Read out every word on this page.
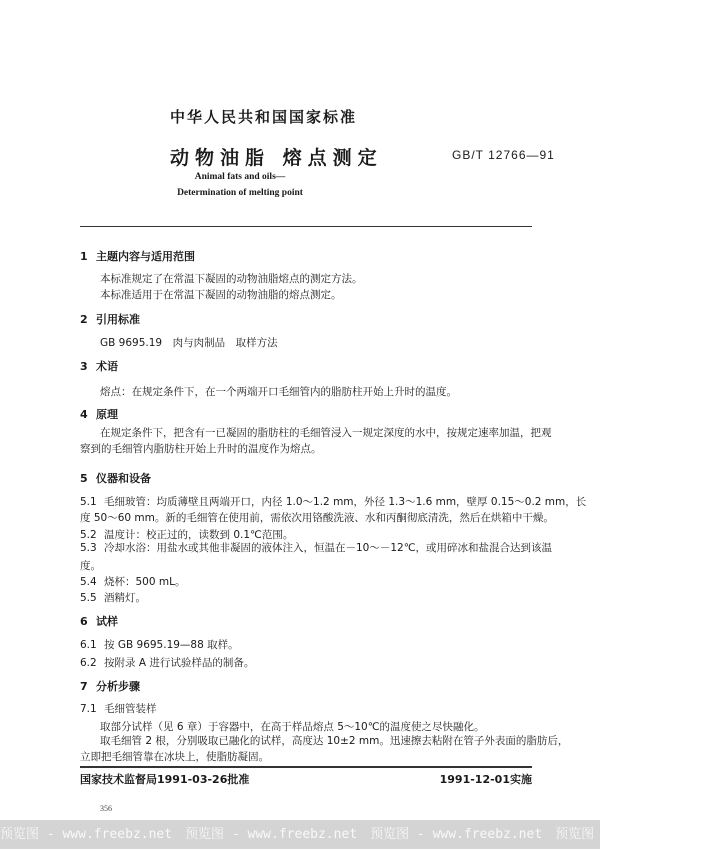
中华人民共和国国家标准
动物油脂 熔点测定	GB/T 12766—91
Animal fats and oils—
Determination of melting point
1 主题内容与适用范围
本标准规定了在常温下凝固的动物油脂熔点的测定方法。
本标准适用于在常温下凝固的动物油脂的熔点测定。
2 引用标准
GB 9695.19　肉与肉制品　取样方法
3 术语
熔点：在规定条件下，在一个两端开口毛细管内的脂肪柱开始上升时的温度。
4 原理
在规定条件下，把含有一已凝固的脂肪柱的毛细管浸入一规定深度的水中，按规定速率加温，把观
察到的毛细管内脂肪柱开始上升时的温度作为熔点。
5 仪器和设备
5.1 毛细玻管：均质薄壁且两端开口，内径 1.0～1.2 mm，外径 1.3～1.6 mm，壁厚 0.15～0.2 mm，长
度 50～60 mm。新的毛细管在使用前，需依次用铬酸洗液、水和丙酮彻底清洗，然后在烘箱中干燥。
5.2 温度计：校正过的，读数到 0.1℃范围。
5.3 冷却水浴：用盐水或其他非凝固的液体注入，恒温在－10～－12℃，或用碎冰和盐混合达到该温
度。
5.4 烧杯：500 mL。
5.5 酒精灯。
6 试样
6.1 按 GB 9695.19—88 取样。
6.2 按附录 A 进行试验样品的制备。
7 分析步骤
7.1 毛细管装样
取部分试样（见 6 章）于容器中，在高于样品熔点 5～10℃的温度使之尽快融化。
取毛细管 2 根，分别吸取已融化的试样，高度达 10±2 mm。迅速擦去粘附在管子外表面的脂肪后，
立即把毛细管靠在冰块上，使脂肪凝固。
国家技术监督局1991-03-26批准	1991-12-01实施
356
预览图 - www.freebz.net　预览图 - www.freebz.net　预览图 - www.freebz.net　预览图 - www.freebz.net
